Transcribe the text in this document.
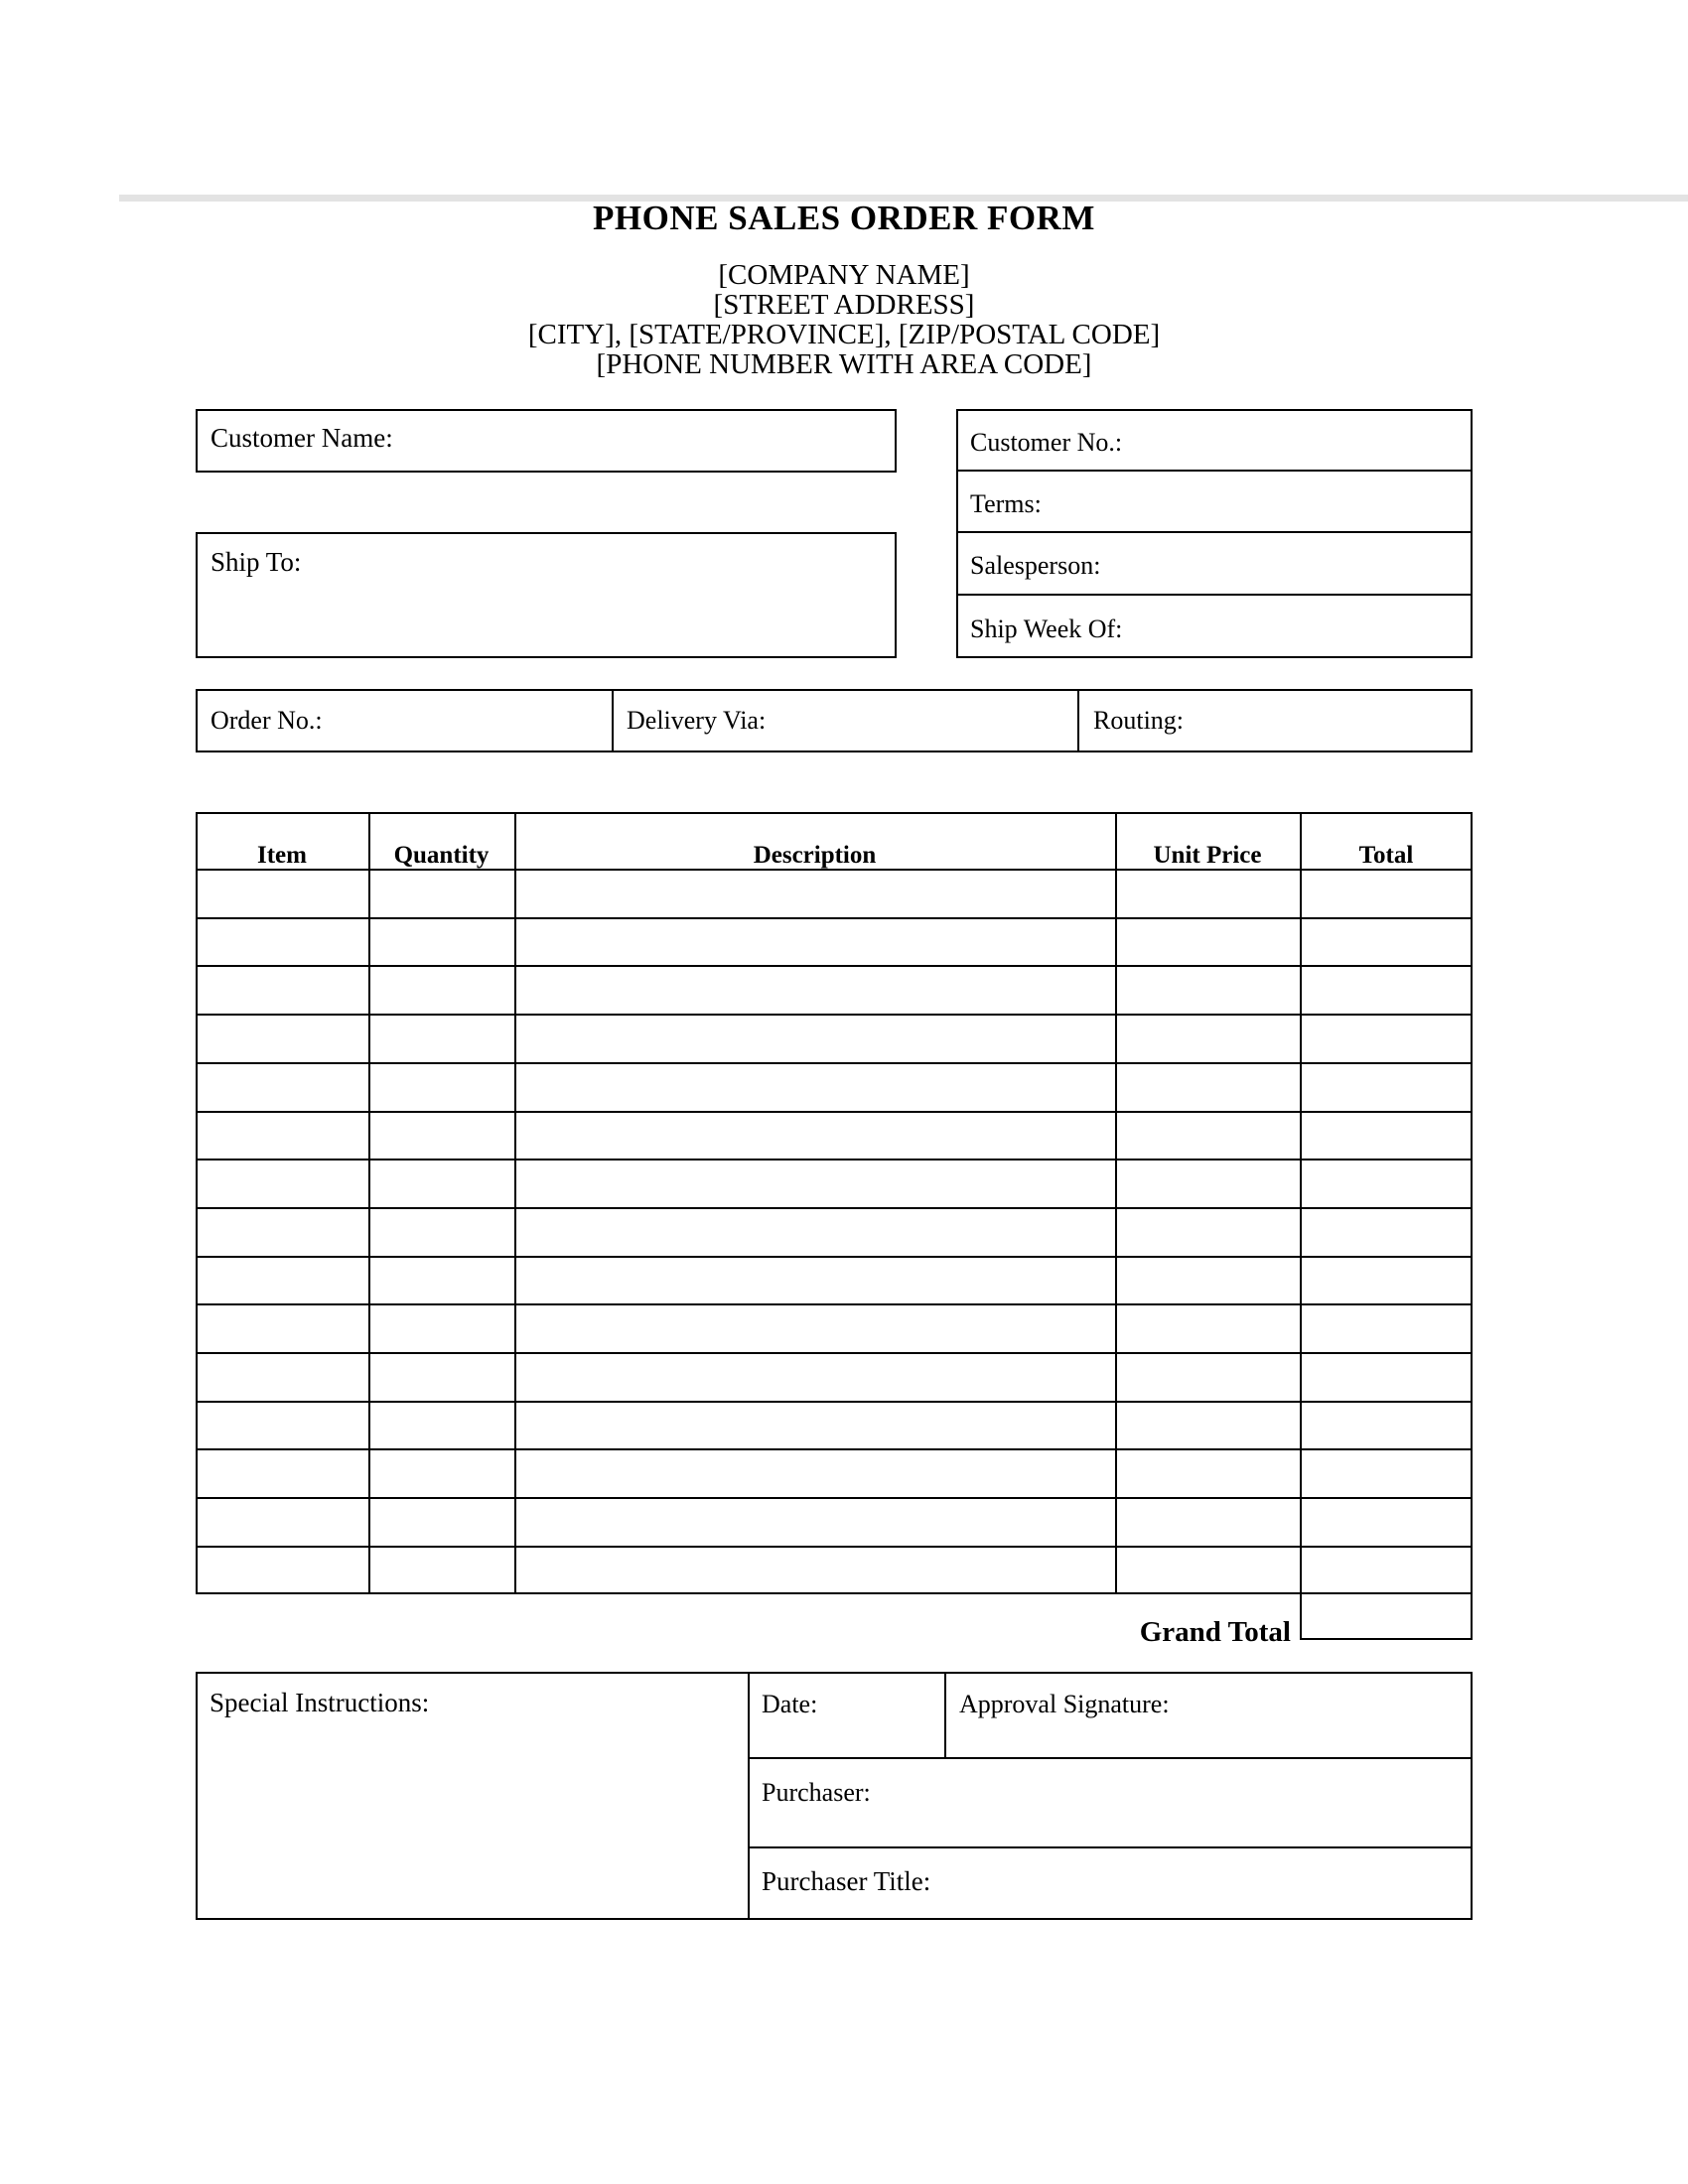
PHONE SALES ORDER FORM
[COMPANY NAME]
[STREET ADDRESS]
[CITY], [STATE/PROVINCE], [ZIP/POSTAL CODE]
[PHONE NUMBER WITH AREA CODE]
Customer Name:
Ship To:
Customer No.:
Terms:
Salesperson:
Ship Week Of:
Order No.:	Delivery Via:	Routing:
Item	Quantity	Description	Unit Price	Total
Grand Total
Special Instructions:	Date:	Approval Signature:
Purchaser:
Purchaser Title:
